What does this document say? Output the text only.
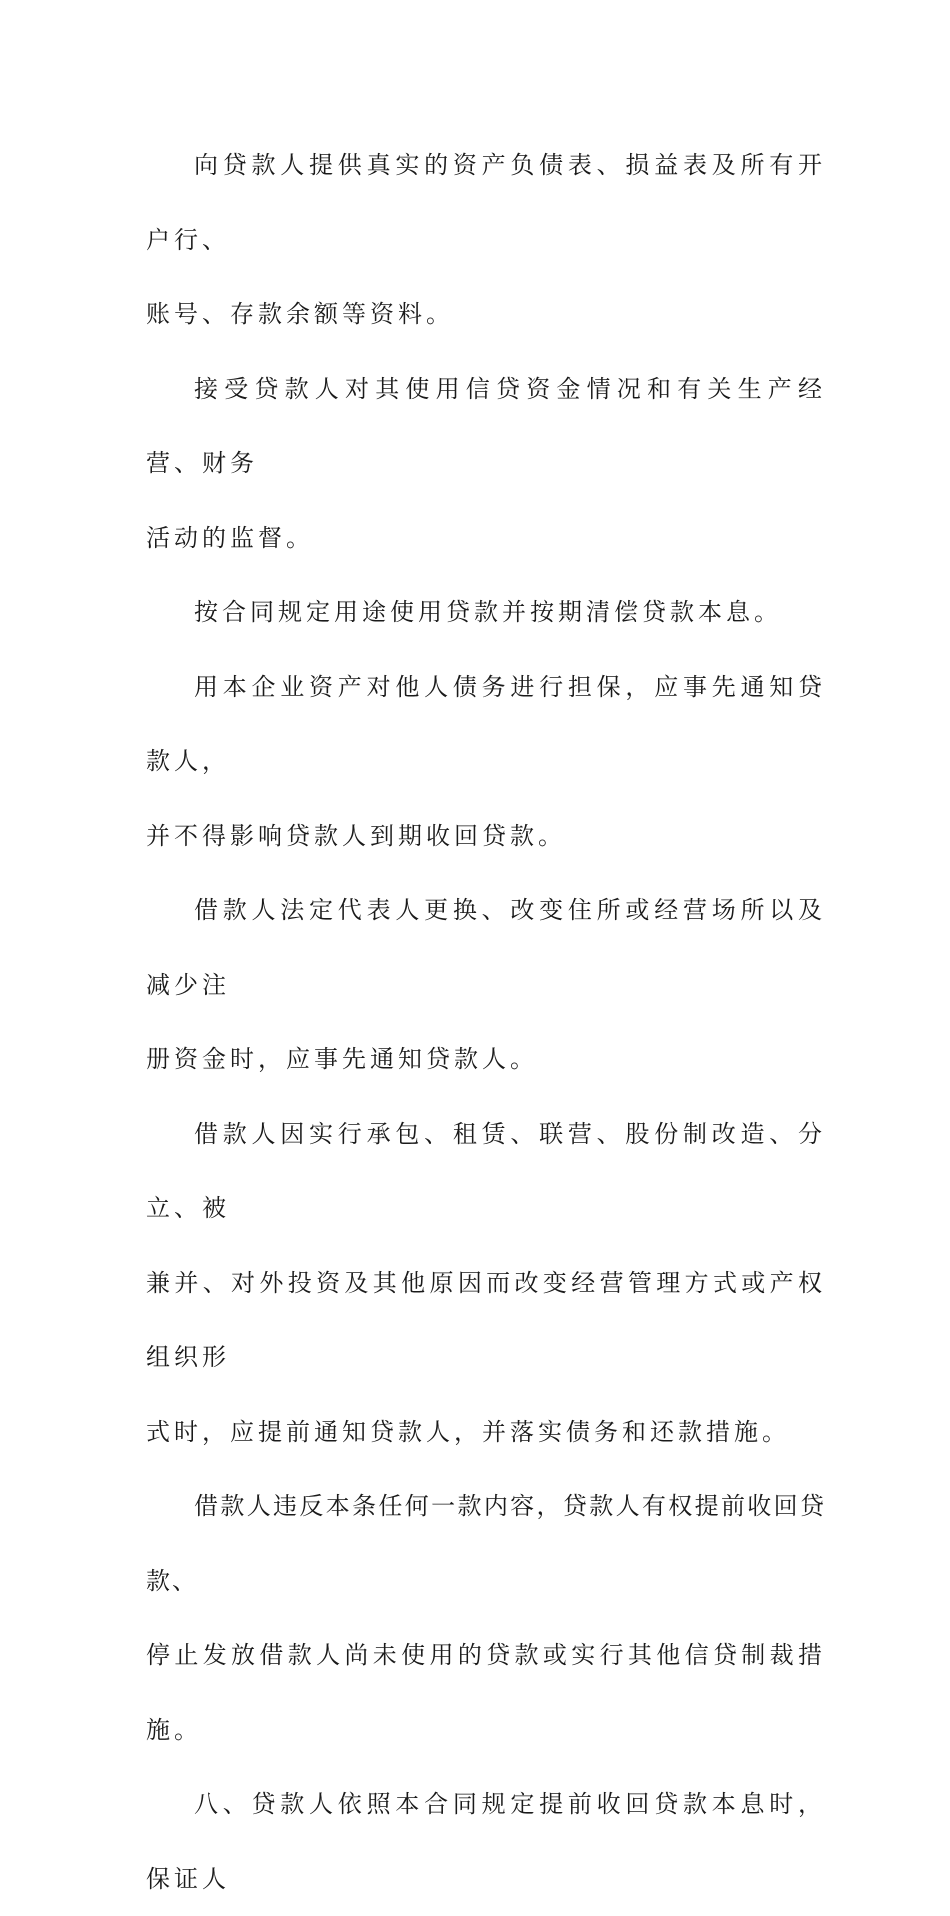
向贷款人提供真实的资产负债表、损益表及所有开户行、
账号、存款余额等资料。

接受贷款人对其使用信贷资金情况和有关生产经营、财务
活动的监督。

按合同规定用途使用贷款并按期清偿贷款本息。

用本企业资产对他人债务进行担保，应事先通知贷款人，
并不得影响贷款人到期收回贷款。

借款人法定代表人更换、改变住所或经营场所以及减少注
册资金时，应事先通知贷款人。

借款人因实行承包、租赁、联营、股份制改造、分立、被
兼并、对外投资及其他原因而改变经营管理方式或产权组织形
式时，应提前通知贷款人，并落实债务和还款措施。

借款人违反本条任何一款内容，贷款人有权提前收回贷款、
停止发放借款人尚未使用的贷款或实行其他信贷制裁措施。

八、贷款人依照本合同规定提前收回贷款本息时，保证人
